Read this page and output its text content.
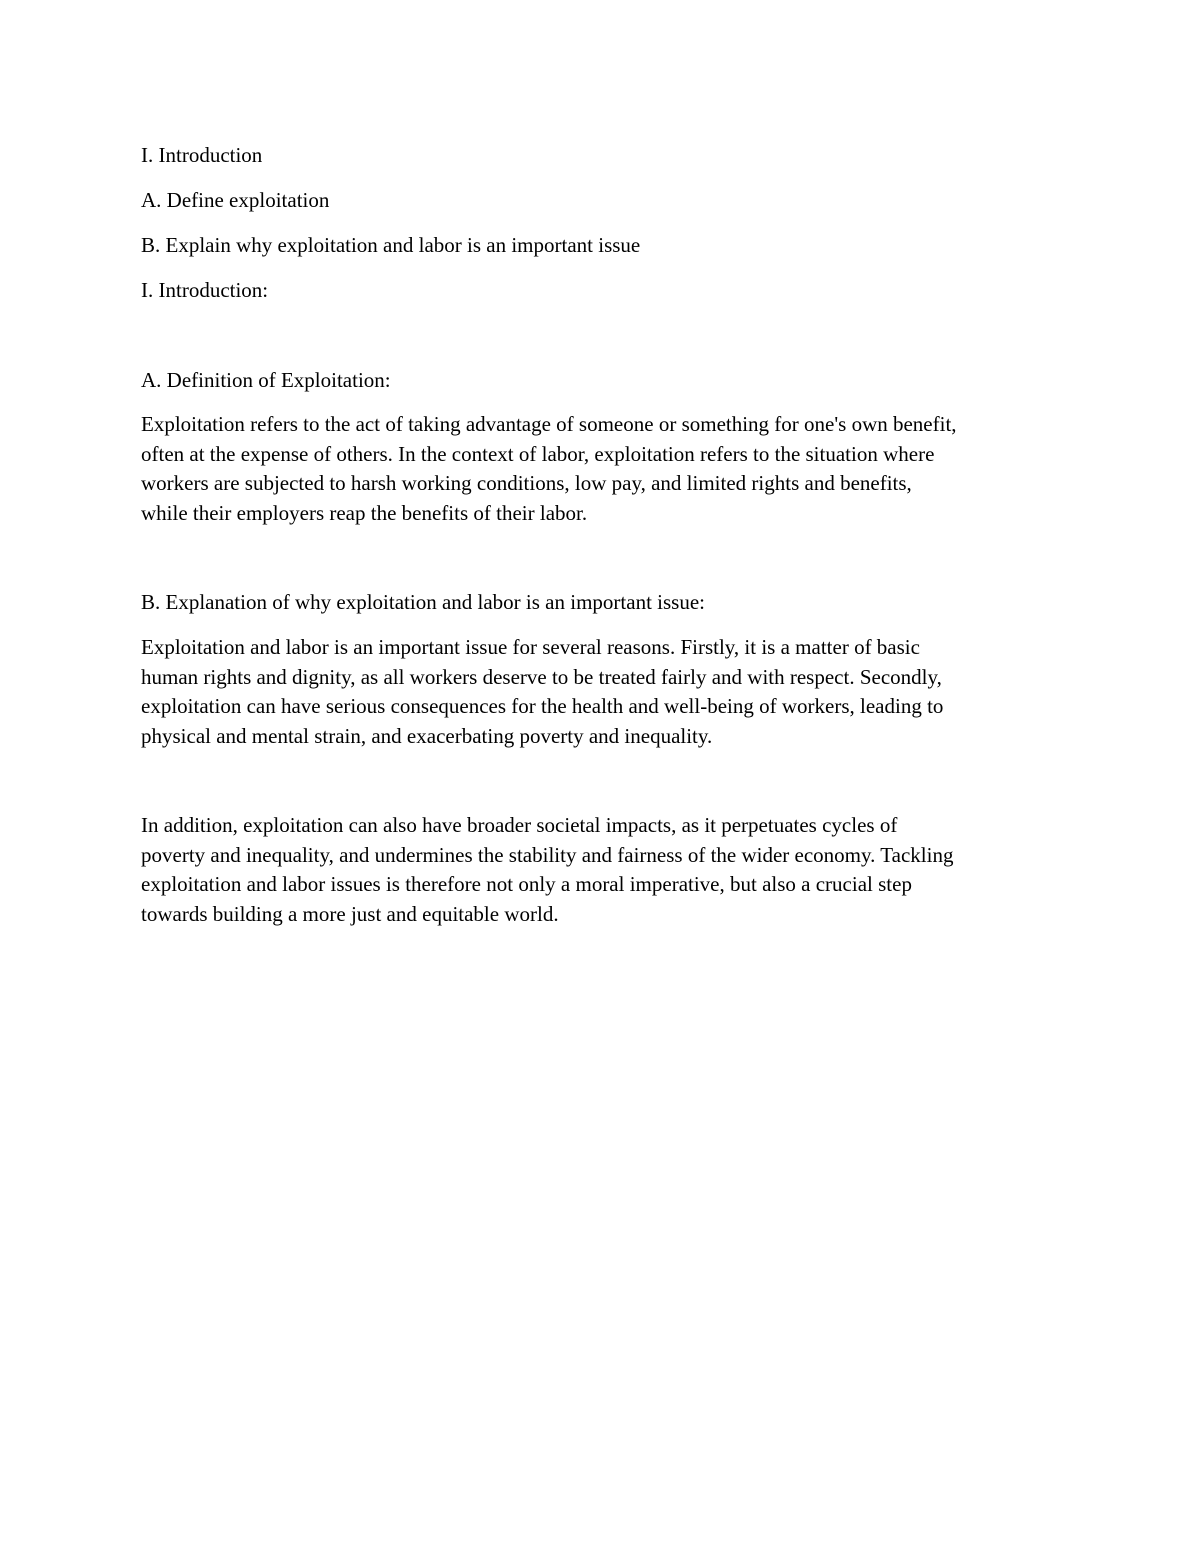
I. Introduction

A. Define exploitation

B. Explain why exploitation and labor is an important issue

I. Introduction:

A. Definition of Exploitation:

Exploitation refers to the act of taking advantage of someone or something for one's own benefit,
often at the expense of others. In the context of labor, exploitation refers to the situation where
workers are subjected to harsh working conditions, low pay, and limited rights and benefits,
while their employers reap the benefits of their labor.

B. Explanation of why exploitation and labor is an important issue:

Exploitation and labor is an important issue for several reasons. Firstly, it is a matter of basic
human rights and dignity, as all workers deserve to be treated fairly and with respect. Secondly,
exploitation can have serious consequences for the health and well-being of workers, leading to
physical and mental strain, and exacerbating poverty and inequality.
In addition, exploitation can also have broader societal impacts, as it perpetuates cycles of
poverty and inequality, and undermines the stability and fairness of the wider economy. Tackling
exploitation and labor issues is therefore not only a moral imperative, but also a crucial step
towards building a more just and equitable world.
